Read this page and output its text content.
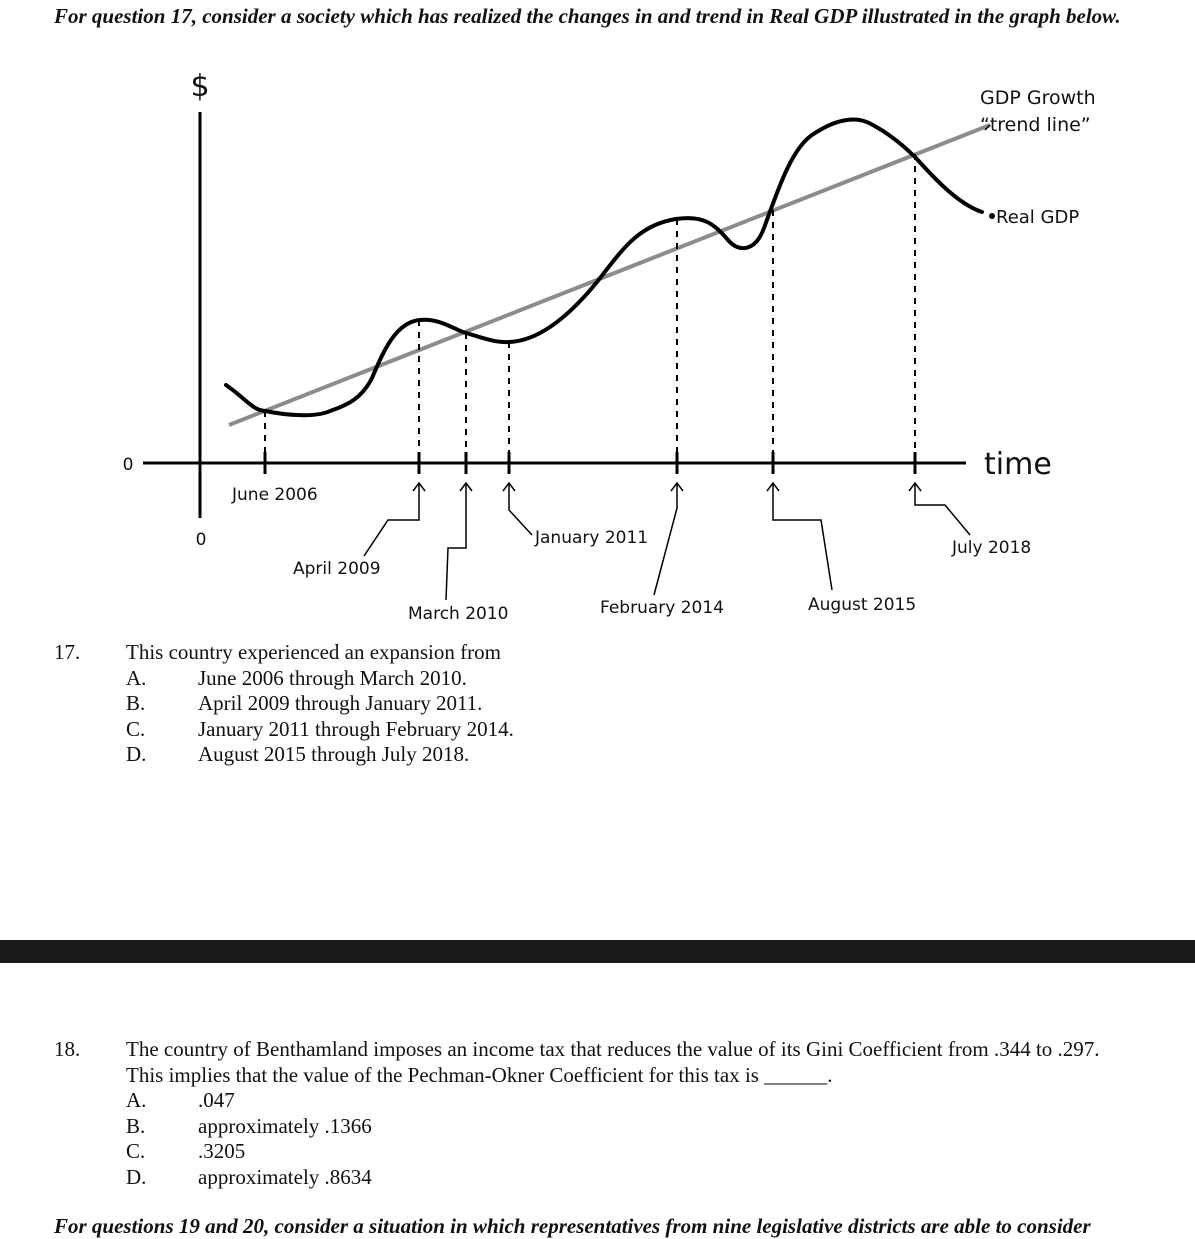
For question 17, consider a society which has realized the changes in and trend in Real GDP illustrated in the graph below.

$
time
0
0
GDP Growth
“trend line”
Real GDP
June 2006
April 2009
March 2010
January 2011
February 2014	August 2015
July 2018
17. This country experienced an expansion from
A. June 2006 through March 2010.
B.	April 2009 through January 2011.
C.	January 2011 through February 2014.
D. August 2015 through July 2018.
18. The country of Benthamland imposes an income tax that reduces the value of its Gini Coefficient from .344 to .297.
This implies that the value of the Pechman-Okner Coefficient for this tax is ______.
A. .047
B.	approximately .1366
C.	.3205
D. approximately .8634
For questions 19 and 20, consider a situation in which representatives from nine legislative districts are able to consider
